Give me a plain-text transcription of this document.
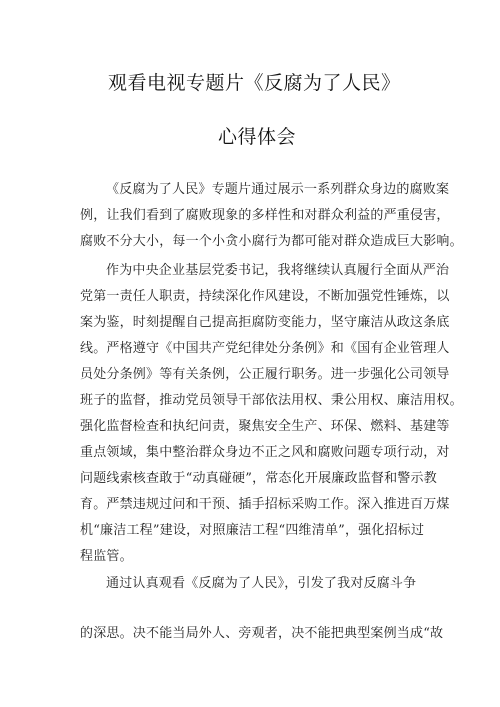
观看电视专题片《反腐为了人民》
心得体会
《反腐为了人民》专题片通过展示一系列群众身边的腐败案
例，让我们看到了腐败现象的多样性和对群众利益的严重侵害，
腐败不分大小，每一个小贪小腐行为都可能对群众造成巨大影响。
作为中央企业基层党委书记，我将继续认真履行全面从严治
党第一责任人职责，持续深化作风建设，不断加强党性锤炼，以
案为鉴，时刻提醒自己提高拒腐防变能力，坚守廉洁从政这条底
线。严格遵守《中国共产党纪律处分条例》和《国有企业管理人
员处分条例》等有关条例，公正履行职务。进一步强化公司领导
班子的监督，推动党员领导干部依法用权、秉公用权、廉洁用权。
强化监督检查和执纪问责，聚焦安全生产、环保、燃料、基建等
重点领域，集中整治群众身边不正之风和腐败问题专项行动，对
问题线索核查敢于“动真碰硬”，常态化开展廉政监督和警示教
育。严禁违规过问和干预、插手招标采购工作。深入推进百万煤
机“廉洁工程”建设，对照廉洁工程“四维清单”，强化招标过
程监管。
通过认真观看《反腐为了人民》，引发了我对反腐斗争
的深思。决不能当局外人、旁观者，决不能把典型案例当成“故
